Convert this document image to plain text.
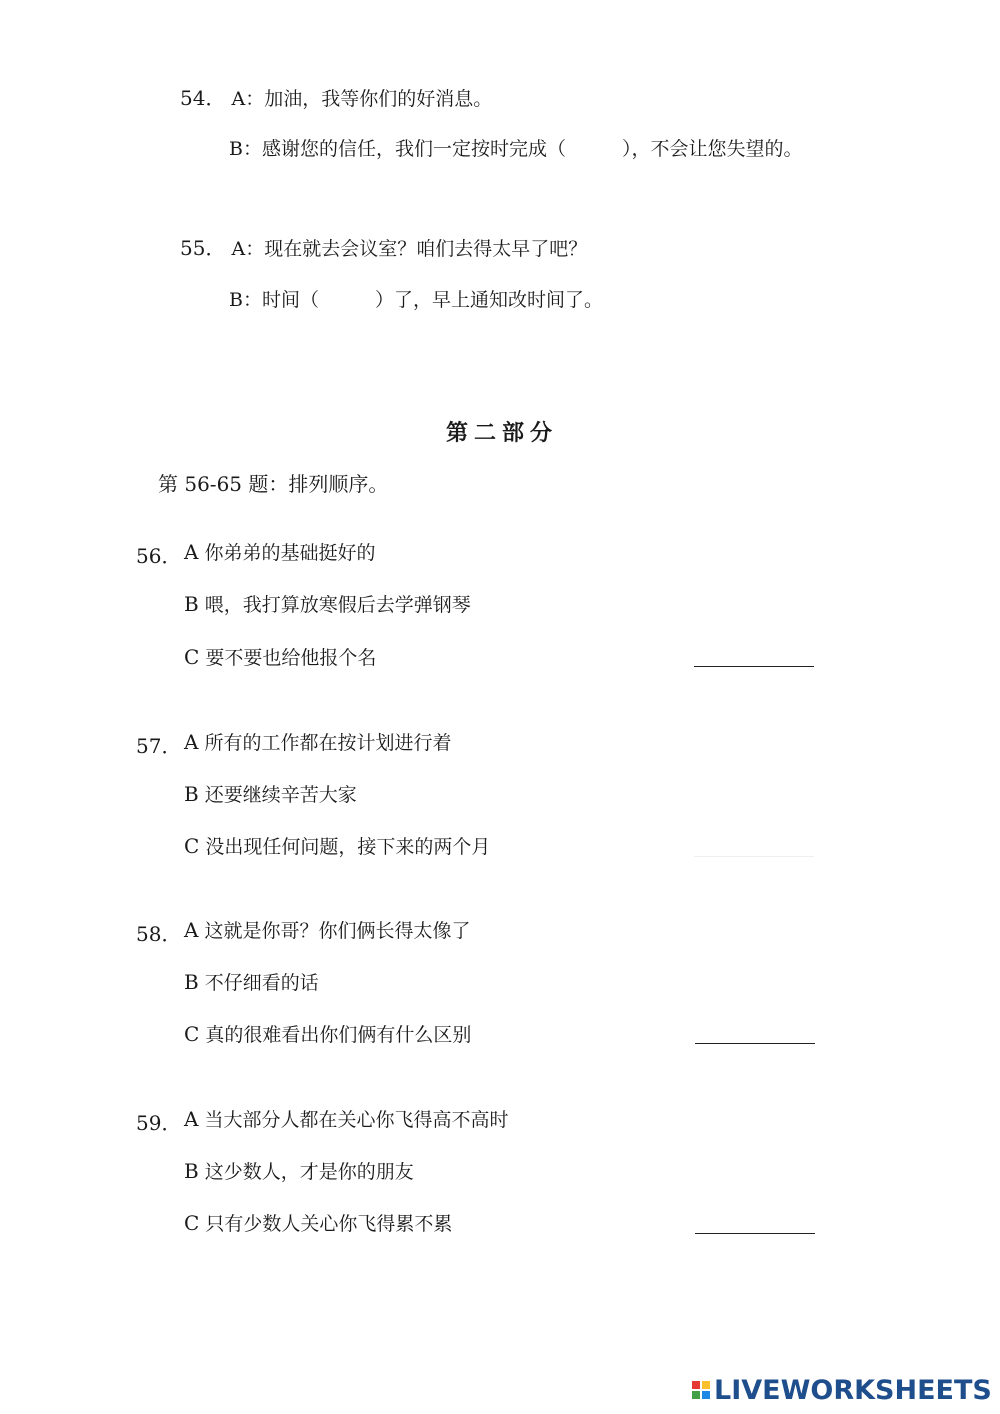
54． A：加油，我等你们的好消息。
B：感谢您的信任，我们一定按时完成（	），不会让您失望的。
55． A：现在就去会议室？咱们去得太早了吧？
B：时间（	）了，早上通知改时间了。
第二部分
第 56-65 题：排列顺序。
56． A 你弟弟的基础挺好的
B 喂，我打算放寒假后去学弹钢琴
C 要不要也给他报个名
57． A 所有的工作都在按计划进行着
B 还要继续辛苦大家
C 没出现任何问题，接下来的两个月
58． A 这就是你哥？你们俩长得太像了
B 不仔细看的话
C 真的很难看出你们俩有什么区别
59． A 当大部分人都在关心你飞得高不高时
B 这少数人，才是你的朋友
C 只有少数人关心你飞得累不累
LIVEWORKSHEETS
